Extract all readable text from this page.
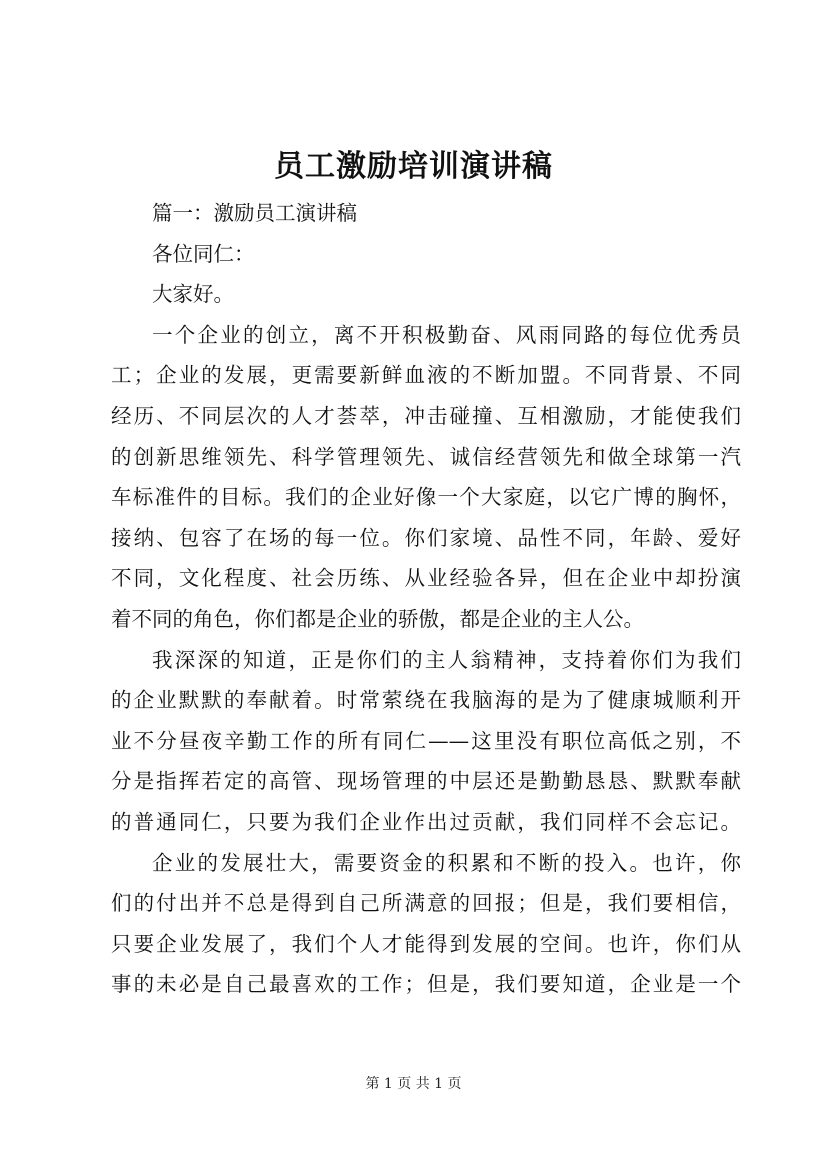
员工激励培训演讲稿
篇一：激励员工演讲稿
各位同仁：
大家好。
一个企业的创立，离不开积极勤奋、风雨同路的每位优秀员
工；企业的发展，更需要新鲜血液的不断加盟。不同背景、不同
经历、不同层次的人才荟萃，冲击碰撞、互相激励，才能使我们
的创新思维领先、科学管理领先、诚信经营领先和做全球第一汽
车标准件的目标。我们的企业好像一个大家庭，以它广博的胸怀，
接纳、包容了在场的每一位。你们家境、品性不同，年龄、爱好
不同，文化程度、社会历练、从业经验各异，但在企业中却扮演
着不同的角色，你们都是企业的骄傲，都是企业的主人公。
我深深的知道，正是你们的主人翁精神，支持着你们为我们
的企业默默的奉献着。时常萦绕在我脑海的是为了健康城顺利开
业不分昼夜辛勤工作的所有同仁——这里没有职位高低之别，不
分是指挥若定的高管、现场管理的中层还是勤勤恳恳、默默奉献
的普通同仁，只要为我们企业作出过贡献，我们同样不会忘记。
企业的发展壮大，需要资金的积累和不断的投入。也许，你
们的付出并不总是得到自己所满意的回报；但是，我们要相信，
只要企业发展了，我们个人才能得到发展的空间。也许，你们从
事的未必是自己最喜欢的工作；但是，我们要知道，企业是一个
第 1 页 共 1 页
